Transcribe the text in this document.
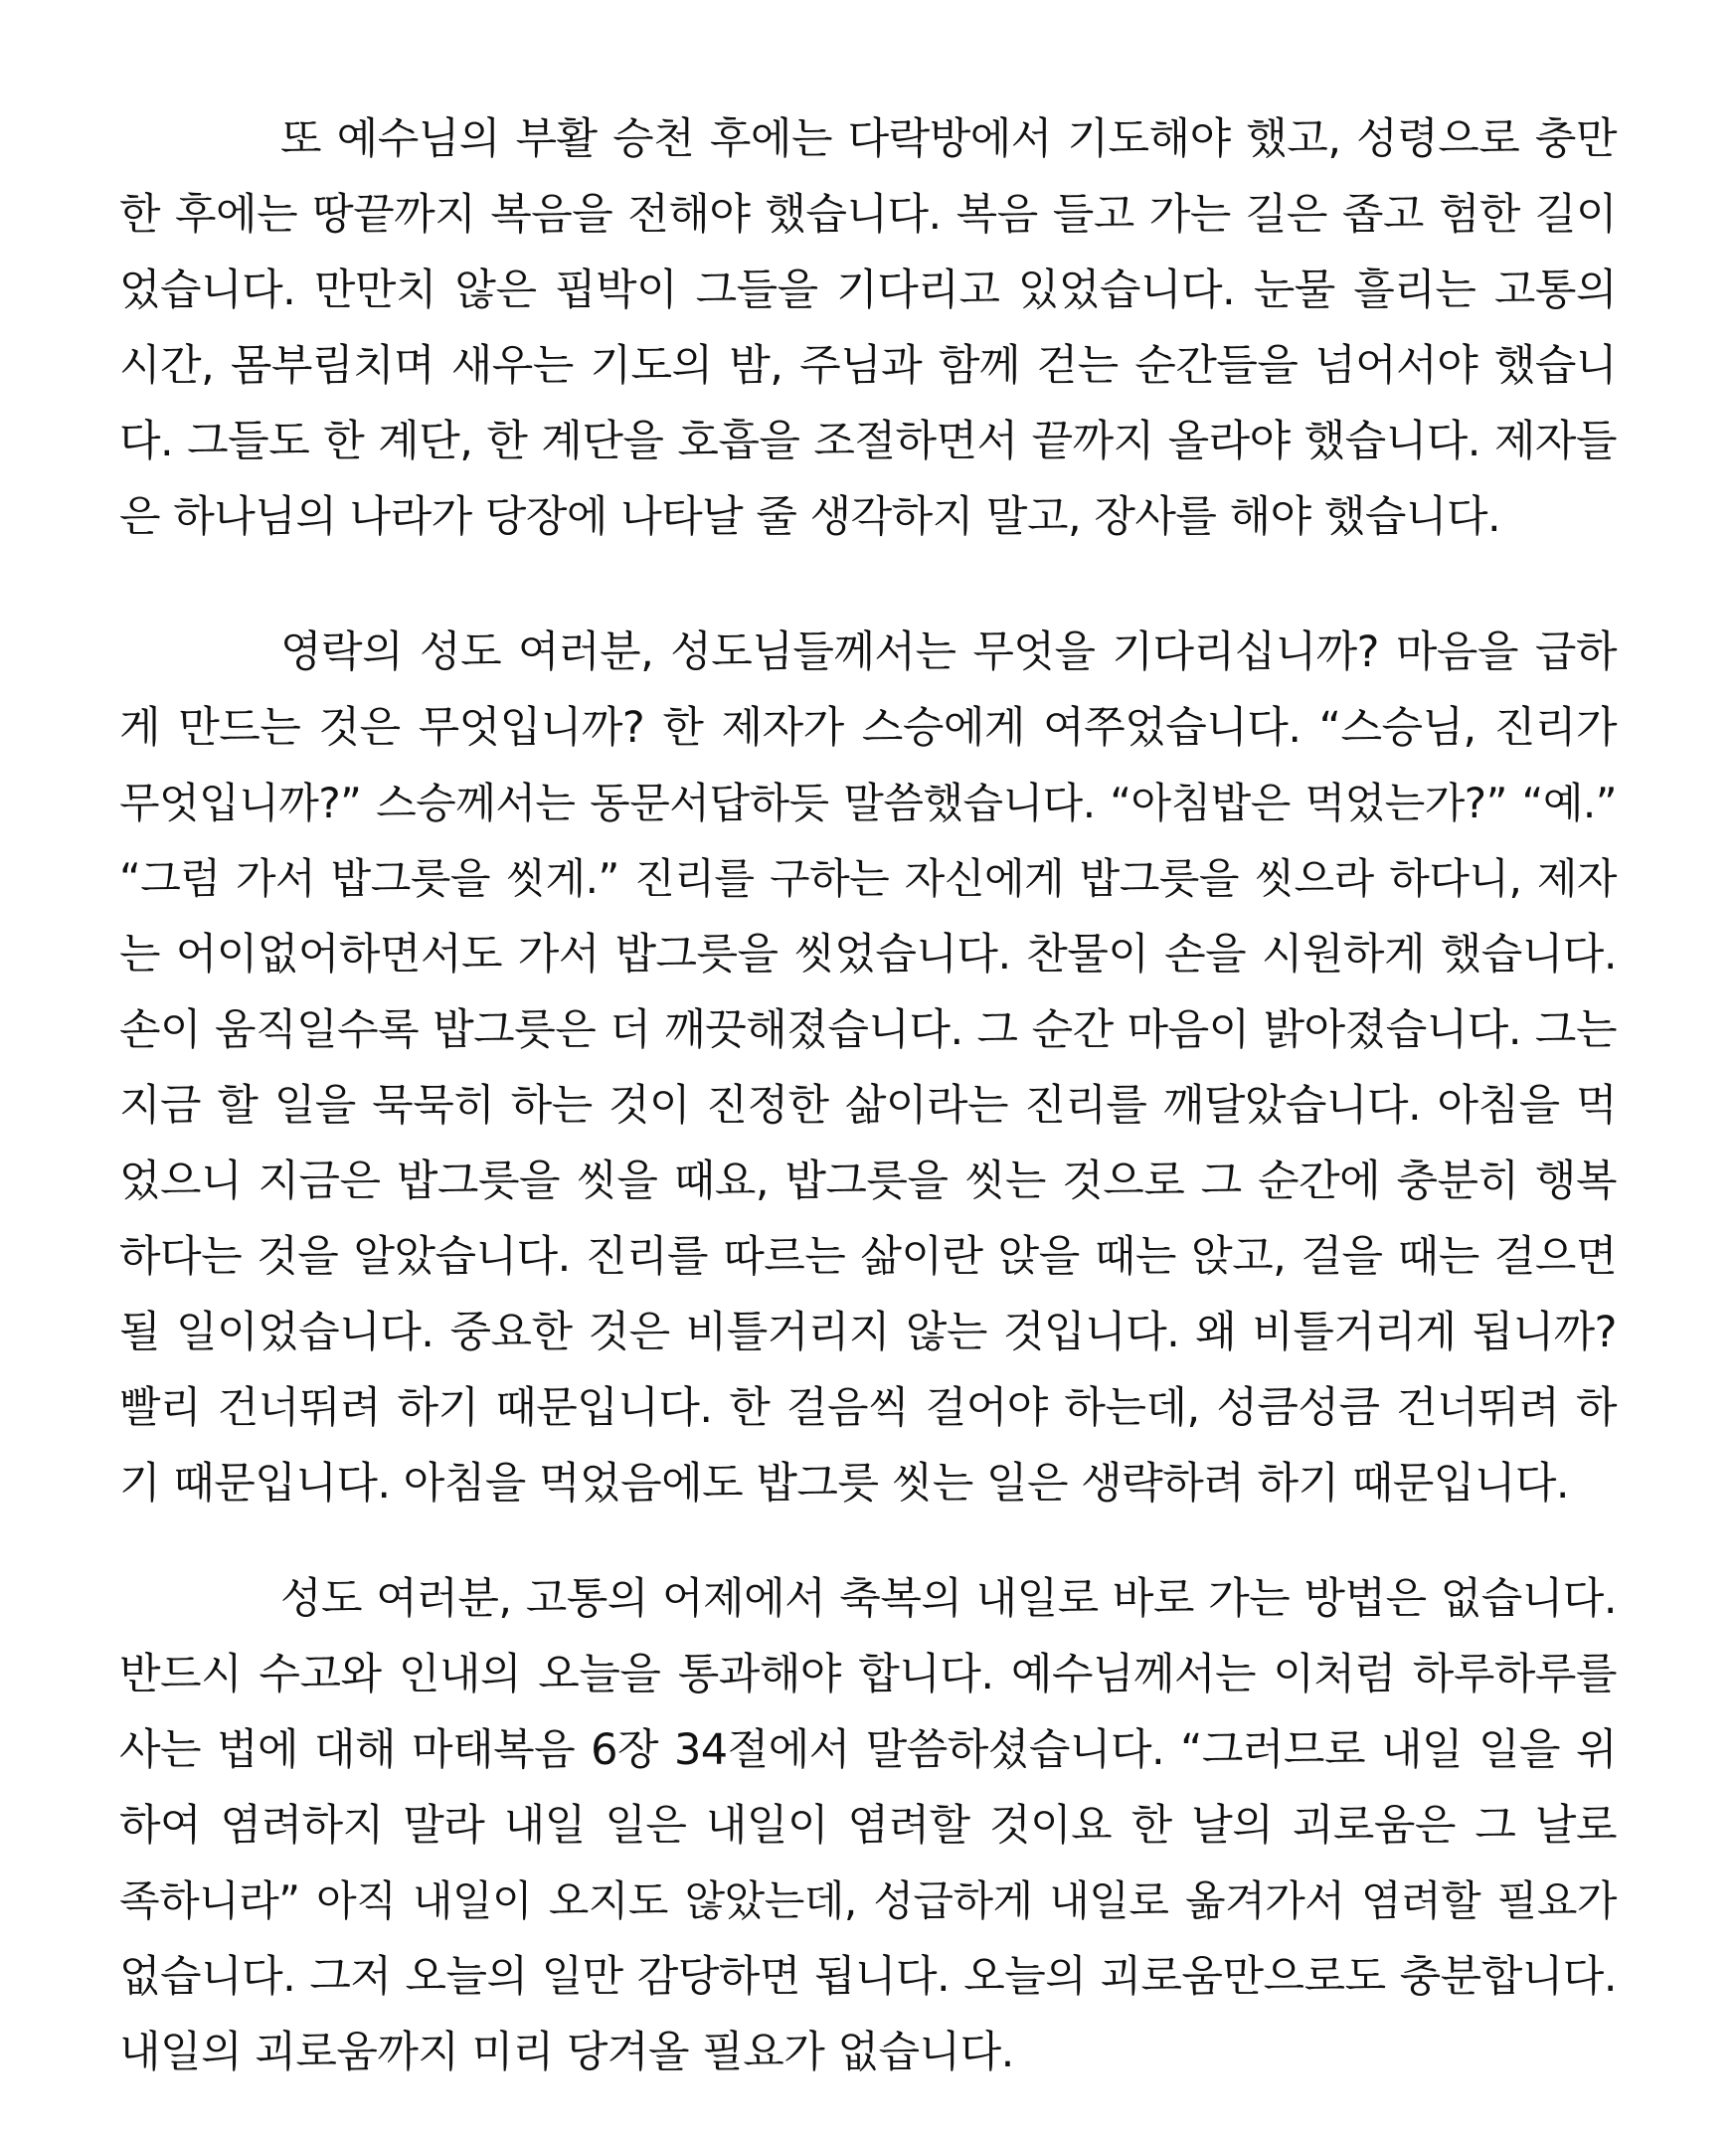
또 예수님의 부활 승천 후에는 다락방에서 기도해야 했고, 성령으로 충만
한 후에는 땅끝까지 복음을 전해야 했습니다. 복음 들고 가는 길은 좁고 험한 길이
었습니다. 만만치 않은 핍박이 그들을 기다리고 있었습니다. 눈물 흘리는 고통의
시간, 몸부림치며 새우는 기도의 밤, 주님과 함께 걷는 순간들을 넘어서야 했습니
다. 그들도 한 계단, 한 계단을 호흡을 조절하면서 끝까지 올라야 했습니다. 제자들
은 하나님의 나라가 당장에 나타날 줄 생각하지 말고, 장사를 해야 했습니다.
영락의 성도 여러분, 성도님들께서는 무엇을 기다리십니까? 마음을 급하
게 만드는 것은 무엇입니까? 한 제자가 스승에게 여쭈었습니다. “스승님, 진리가
무엇입니까?” 스승께서는 동문서답하듯 말씀했습니다. “아침밥은 먹었는가?” “예.”
“그럼 가서 밥그릇을 씻게.” 진리를 구하는 자신에게 밥그릇을 씻으라 하다니, 제자
는 어이없어하면서도 가서 밥그릇을 씻었습니다. 찬물이 손을 시원하게 했습니다.
손이 움직일수록 밥그릇은 더 깨끗해졌습니다. 그 순간 마음이 밝아졌습니다. 그는
지금 할 일을 묵묵히 하는 것이 진정한 삶이라는 진리를 깨달았습니다. 아침을 먹
었으니 지금은 밥그릇을 씻을 때요, 밥그릇을 씻는 것으로 그 순간에 충분히 행복
하다는 것을 알았습니다. 진리를 따르는 삶이란 앉을 때는 앉고, 걸을 때는 걸으면
될 일이었습니다. 중요한 것은 비틀거리지 않는 것입니다. 왜 비틀거리게 됩니까?
빨리 건너뛰려 하기 때문입니다. 한 걸음씩 걸어야 하는데, 성큼성큼 건너뛰려 하
기 때문입니다. 아침을 먹었음에도 밥그릇 씻는 일은 생략하려 하기 때문입니다.
성도 여러분, 고통의 어제에서 축복의 내일로 바로 가는 방법은 없습니다.
반드시 수고와 인내의 오늘을 통과해야 합니다. 예수님께서는 이처럼 하루하루를
사는 법에 대해 마태복음 6장 34절에서 말씀하셨습니다. “그러므로 내일 일을 위
하여 염려하지 말라 내일 일은 내일이 염려할 것이요 한 날의 괴로움은 그 날로
족하니라” 아직 내일이 오지도 않았는데, 성급하게 내일로 옮겨가서 염려할 필요가
없습니다. 그저 오늘의 일만 감당하면 됩니다. 오늘의 괴로움만으로도 충분합니다.
내일의 괴로움까지 미리 당겨올 필요가 없습니다.
